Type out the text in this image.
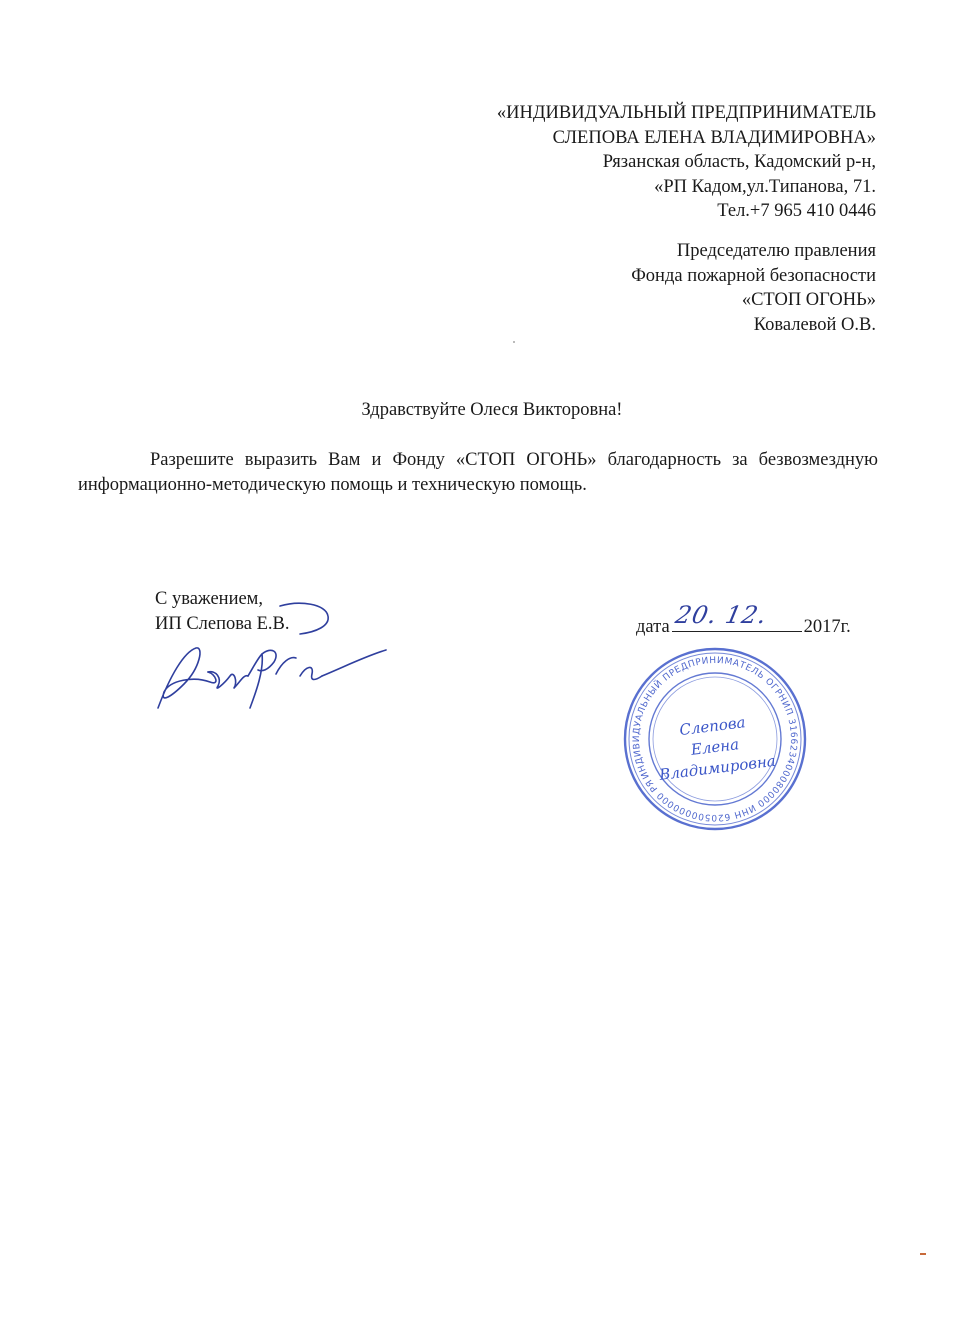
«ИНДИВИДУАЛЬНЫЙ ПРЕДПРИНИМАТЕЛЬ
СЛЕПОВА ЕЛЕНА ВЛАДИМИРОВНА»
Рязанская область, Кадомский р-н,
«РП Кадом,ул.Типанова, 71.
Тел.+7 965 410 0446
Председателю правления
Фонда пожарной безопасности
«СТОП ОГОНЬ»
Ковалевой О.В.
Здравствуйте Олеся Викторовна!
Разрешите выразить Вам и Фонду «СТОП ОГОНЬ» благодарность за безвозмездную
информационно-методическую помощь и техническую помощь.
С уважением,
ИП Слепова Е.В.	дата 20. 12. 2017г.
ИНДИВИДУАЛЬНЫЙ ПРЕДПРИНИМАТЕЛЬ ОГРНИП 316623400080000 ИНН 620500000000 РЯЗАНСКАЯ
Слепова
Елена
Владимировна
